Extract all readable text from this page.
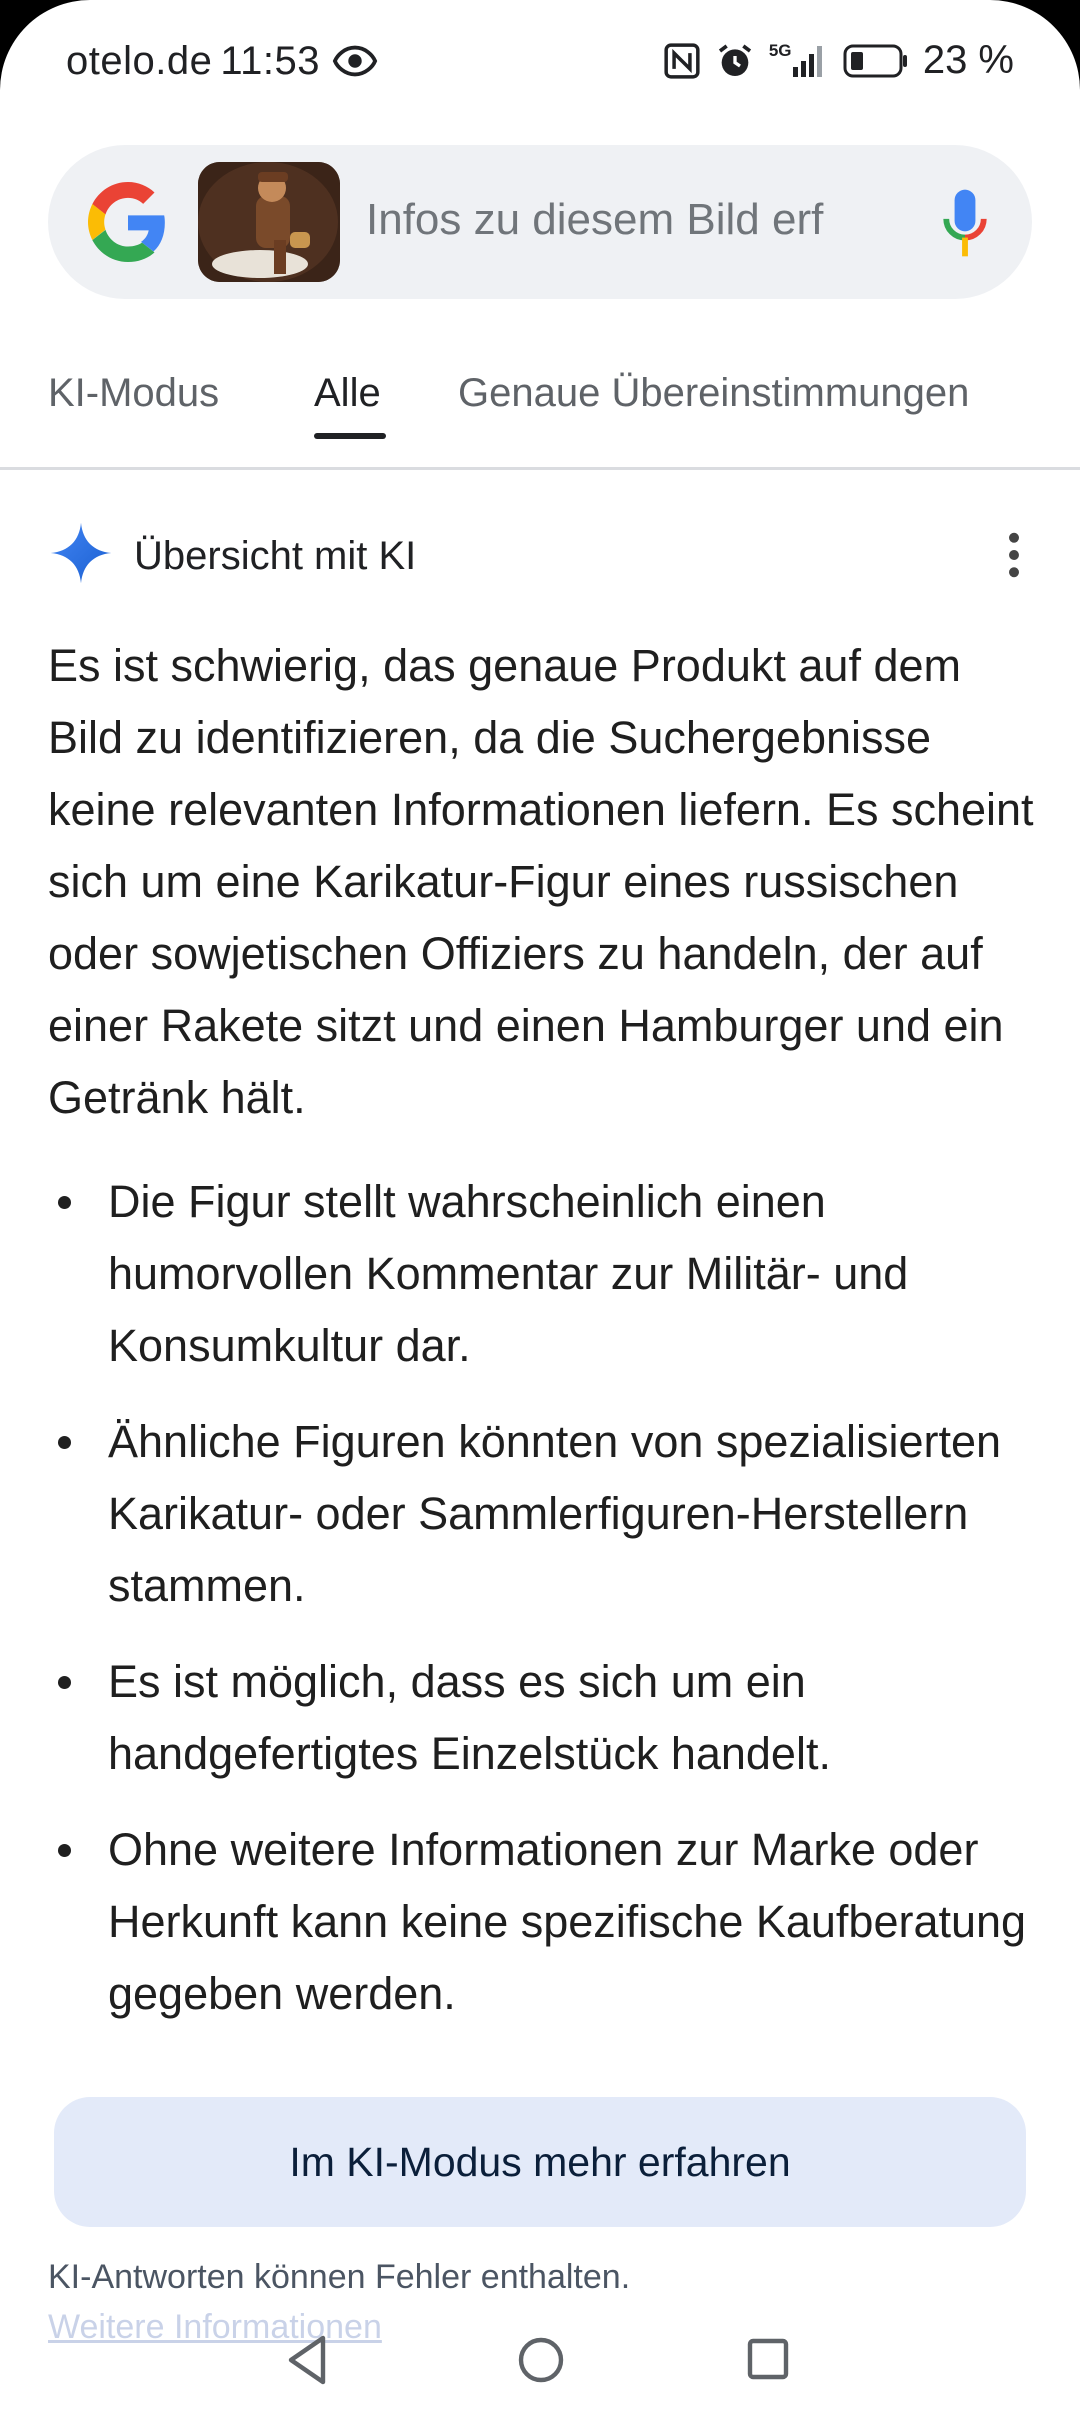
otelo.de 11:53	5G	23 %
Infos zu diesem Bild erf
KI-Modus Alle Genaue Übereinstimmungen
Übersicht mit KI
Es ist schwierig, das genaue Produkt auf dem Bild zu identifizieren, da die Suchergebnisse keine relevanten Informationen liefern. Es scheint sich um eine Karikatur-Figur eines russischen oder sowjetischen Offiziers zu handeln, der auf einer Rakete sitzt und einen Hamburger und ein Getränk hält.
Die Figur stellt wahrscheinlich einen humorvollen Kommentar zur Militär- und Konsumkultur dar.
Ähnliche Figuren könnten von spezialisierten Karikatur- oder Sammlerfiguren-Herstellern stammen.
Es ist möglich, dass es sich um ein handgefertigtes Einzelstück handelt.
Ohne weitere Informationen zur Marke oder Herkunft kann keine spezifische Kaufberatung gegeben werden.
Im KI-Modus mehr erfahren
KI-Antworten können Fehler enthalten.
Weitere Informationen
